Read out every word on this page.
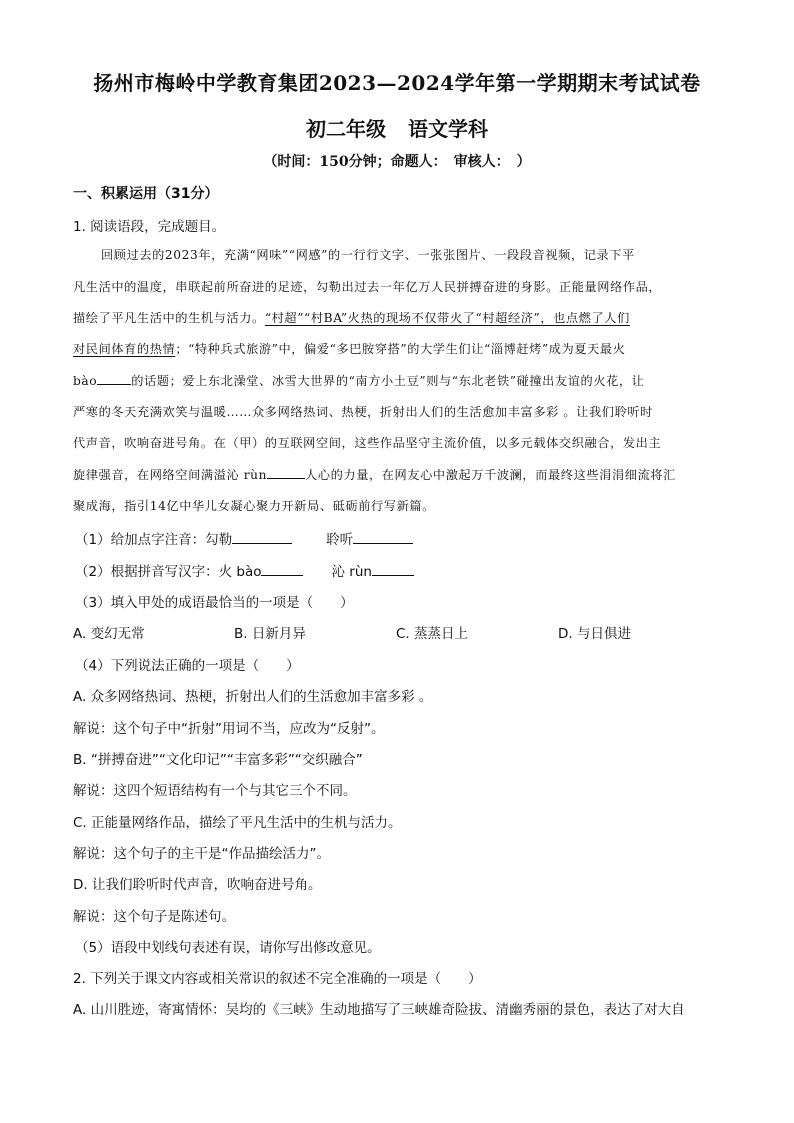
扬州市梅岭中学教育集团2023—2024学年第一学期期末考试试卷
初二年级 语文学科
（时间：150分钟；命题人：　审核人：　）
一、积累运用（31分）
1. 阅读语段，完成题目。
回顾过去的2023年，充满“网味”“网感”的一行行文字、一张张图片、一段段音视频，记录下平
凡生活中的温度，串联起前所奋进的足迹，勾勒出过去一年亿万人民拼搏奋进的身影。正能量网络作品，
描绘了平凡生活中的生机与活力。“村超”“村BA”火热的现场不仅带火了“村超经济”，也点燃了人们
对民间体育的热情；“特种兵式旅游”中，偏爱“多巴胺穿搭”的大学生们让“淄博赶烤”成为夏天最火
bào	的话题；爱上东北澡堂、冰雪大世界的“南方小土豆”则与“东北老铁”碰撞出友谊的火花，让
严寒的冬天充满欢笑与温暖……众多网络热词、热梗，折射出人们的生活愈加丰富多彩 。让我们聆听时
代声音，吹响奋进号角。在（甲）的互联网空间，这些作品坚守主流价值，以多元载体交织融合，发出主
旋律强音，在网络空间满溢沁 rùn	人心的力量，在网友心中激起万千波澜，而最终这些涓涓细流将汇
聚成海，指引14亿中华儿女凝心聚力开新局、砥砺前行写新篇。
（1）给加点字注音：勾勒	聆听
（2）根据拼音写汉字：火 bào	沁 rùn
（3）填入甲处的成语最恰当的一项是（　　）
A. 变幻无常	B. 日新月异	C. 蒸蒸日上	D. 与日俱进
（4）下列说法正确的一项是（　　）
A. 众多网络热词、热梗，折射出人们的生活愈加丰富多彩 。
解说：这个句子中“折射”用词不当，应改为“反射”。
B. “拼搏奋进”“文化印记”“丰富多彩”“交织融合”
解说：这四个短语结构有一个与其它三个不同。
C. 正能量网络作品，描绘了平凡生活中的生机与活力。
解说：这个句子的主干是“作品描绘活力”。
D. 让我们聆听时代声音，吹响奋进号角。
解说：这个句子是陈述句。
（5）语段中划线句表述有误，请你写出修改意见。
2. 下列关于课文内容或相关常识的叙述不完全准确的一项是（　　）
A. 山川胜迹，寄寓情怀：吴均的《三峡》生动地描写了三峡雄奇险拔、清幽秀丽的景色，表达了对大自
